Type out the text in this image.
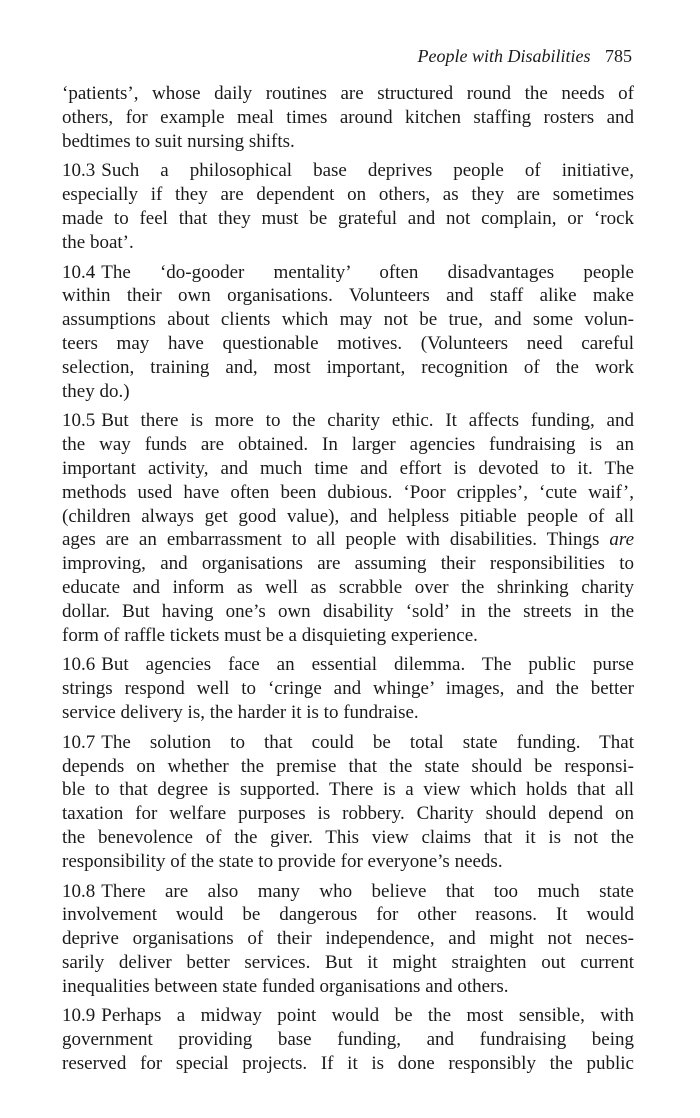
People with Disabilities 785
‘patients’, whose daily routines are structured round the needs of
others, for example meal times around kitchen staffing rosters and
bedtimes to suit nursing shifts.
10.3 Such a philosophical base deprives people of initiative,
especially if they are dependent on others, as they are sometimes
made to feel that they must be grateful and not complain, or ‘rock
the boat’.
10.4 The ‘do-gooder mentality’ often disadvantages people
within their own organisations. Volunteers and staff alike make
assumptions about clients which may not be true, and some volun-
teers may have questionable motives. (Volunteers need careful
selection, training and, most important, recognition of the work
they do.)
10.5 But there is more to the charity ethic. It affects funding, and
the way funds are obtained. In larger agencies fundraising is an
important activity, and much time and effort is devoted to it. The
methods used have often been dubious. ‘Poor cripples’, ‘cute waif’,
(children always get good value), and helpless pitiable people of all
ages are an embarrassment to all people with disabilities. Things are
improving, and organisations are assuming their responsibilities to
educate and inform as well as scrabble over the shrinking charity
dollar. But having one’s own disability ‘sold’ in the streets in the
form of raffle tickets must be a disquieting experience.
10.6 But agencies face an essential dilemma. The public purse
strings respond well to ‘cringe and whinge’ images, and the better
service delivery is, the harder it is to fundraise.
10.7 The solution to that could be total state funding. That
depends on whether the premise that the state should be responsi-
ble to that degree is supported. There is a view which holds that all
taxation for welfare purposes is robbery. Charity should depend on
the benevolence of the giver. This view claims that it is not the
responsibility of the state to provide for everyone’s needs.
10.8 There are also many who believe that too much state
involvement would be dangerous for other reasons. It would
deprive organisations of their independence, and might not neces-
sarily deliver better services. But it might straighten out current
inequalities between state funded organisations and others.
10.9 Perhaps a midway point would be the most sensible, with
government providing base funding, and fundraising being
reserved for special projects. If it is done responsibly the public
